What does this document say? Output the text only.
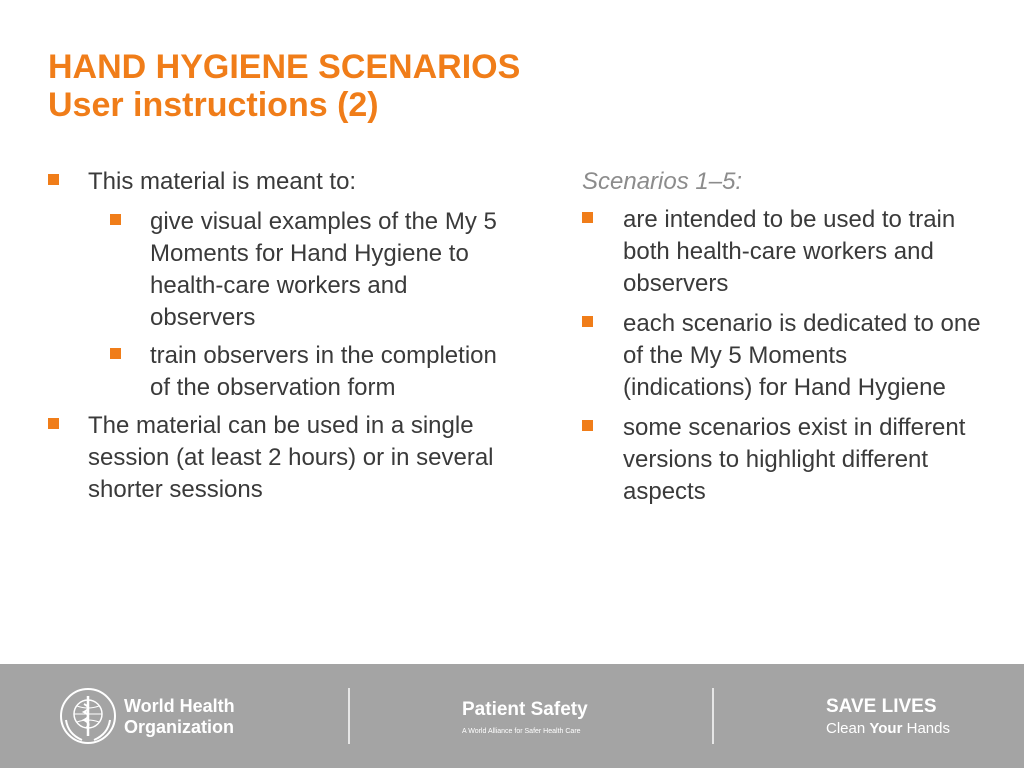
HAND HYGIENE SCENARIOS
User instructions (2)
This material is meant to:
give visual examples of the My 5 Moments for Hand Hygiene to health-care workers and observers
train observers in the completion of the observation form
The material can be used in a single session (at least 2 hours) or in several shorter sessions
Scenarios 1–5:
are intended to be used to train both health-care workers and observers
each scenario is dedicated to one of the My 5 Moments (indications) for Hand Hygiene
some scenarios exist in different versions to highlight different aspects
World Health
Organization
Patient Safety
A World Alliance for Safer Health Care
SAVE LIVES
Clean Your Hands
